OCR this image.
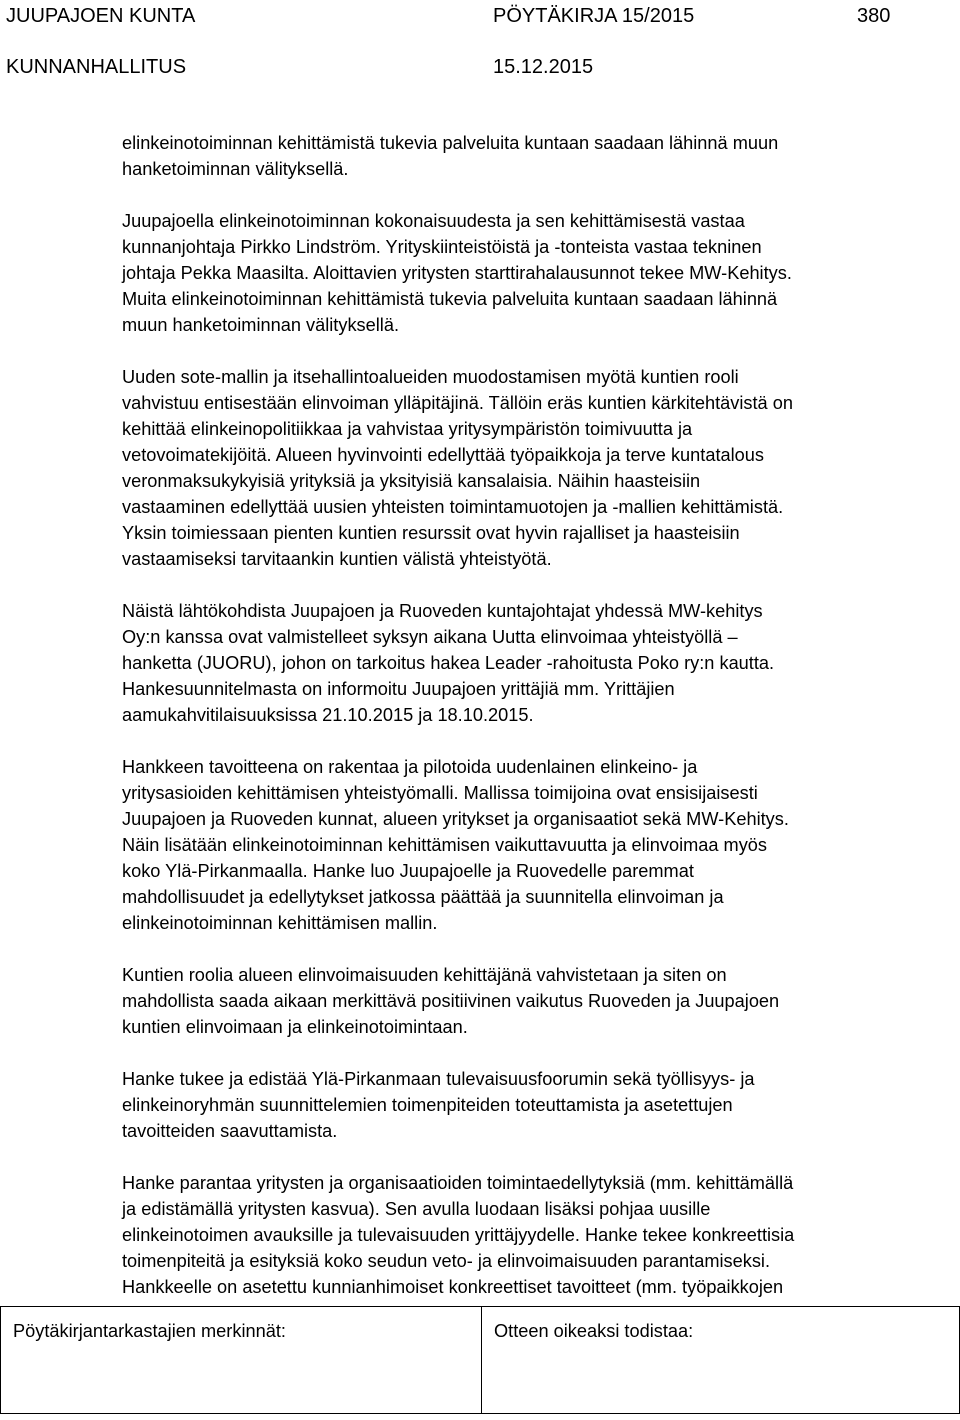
JUUPAJOEN KUNTA	PÖYTÄKIRJA 15/2015	380
KUNNANHALLITUS	15.12.2015
elinkeinotoiminnan kehittämistä tukevia palveluita kuntaan saadaan lähinnä muun
hanketoiminnan välityksellä.
Juupajoella elinkeinotoiminnan kokonaisuudesta ja sen kehittämisestä vastaa
kunnanjohtaja Pirkko Lindström. Yrityskiinteistöistä ja -tonteista vastaa tekninen
johtaja Pekka Maasilta. Aloittavien yritysten starttirahalausunnot tekee MW-Kehitys.
Muita elinkeinotoiminnan kehittämistä tukevia palveluita kuntaan saadaan lähinnä
muun hanketoiminnan välityksellä.
Uuden sote-mallin ja itsehallintoalueiden muodostamisen myötä kuntien rooli
vahvistuu entisestään elinvoiman ylläpitäjinä. Tällöin eräs kuntien kärkitehtävistä on
kehittää elinkeinopolitiikkaa ja vahvistaa yritysympäristön toimivuutta ja
vetovoimatekijöitä. Alueen hyvinvointi edellyttää työpaikkoja ja terve kuntatalous
veronmaksukykyisiä yrityksiä ja yksityisiä kansalaisia. Näihin haasteisiin
vastaaminen edellyttää uusien yhteisten toimintamuotojen ja -mallien kehittämistä.
Yksin toimiessaan pienten kuntien resurssit ovat hyvin rajalliset ja haasteisiin
vastaamiseksi tarvitaankin kuntien välistä yhteistyötä.
Näistä lähtökohdista Juupajoen ja Ruoveden kuntajohtajat yhdessä MW-kehitys
Oy:n kanssa ovat valmistelleet syksyn aikana Uutta elinvoimaa yhteistyöllä –
hanketta (JUORU), johon on tarkoitus hakea Leader -rahoitusta Poko ry:n kautta.
Hankesuunnitelmasta on informoitu Juupajoen yrittäjiä mm. Yrittäjien
aamukahvitilaisuuksissa 21.10.2015 ja 18.10.2015.
Hankkeen tavoitteena on rakentaa ja pilotoida uudenlainen elinkeino- ja
yritysasioiden kehittämisen yhteistyömalli. Mallissa toimijoina ovat ensisijaisesti
Juupajoen ja Ruoveden kunnat, alueen yritykset ja organisaatiot sekä MW-Kehitys.
Näin lisätään elinkeinotoiminnan kehittämisen vaikuttavuutta ja elinvoimaa myös
koko Ylä-Pirkanmaalla. Hanke luo Juupajoelle ja Ruovedelle paremmat
mahdollisuudet ja edellytykset jatkossa päättää ja suunnitella elinvoiman ja
elinkeinotoiminnan kehittämisen mallin.
Kuntien roolia alueen elinvoimaisuuden kehittäjänä vahvistetaan ja siten on
mahdollista saada aikaan merkittävä positiivinen vaikutus Ruoveden ja Juupajoen
kuntien elinvoimaan ja elinkeinotoimintaan.
Hanke tukee ja edistää Ylä-Pirkanmaan tulevaisuusfoorumin sekä työllisyys- ja
elinkeinoryhmän suunnittelemien toimenpiteiden toteuttamista ja asetettujen
tavoitteiden saavuttamista.
Hanke parantaa yritysten ja organisaatioiden toimintaedellytyksiä (mm. kehittämällä
ja edistämällä yritysten kasvua). Sen avulla luodaan lisäksi pohjaa uusille
elinkeinotoimen avauksille ja tulevaisuuden yrittäjyydelle. Hanke tekee konkreettisia
toimenpiteitä ja esityksiä koko seudun veto- ja elinvoimaisuuden parantamiseksi.
Hankkeelle on asetettu kunnianhimoiset konkreettiset tavoitteet (mm. työpaikkojen
Pöytäkirjantarkastajien merkinnät:	Otteen oikeaksi todistaa:
